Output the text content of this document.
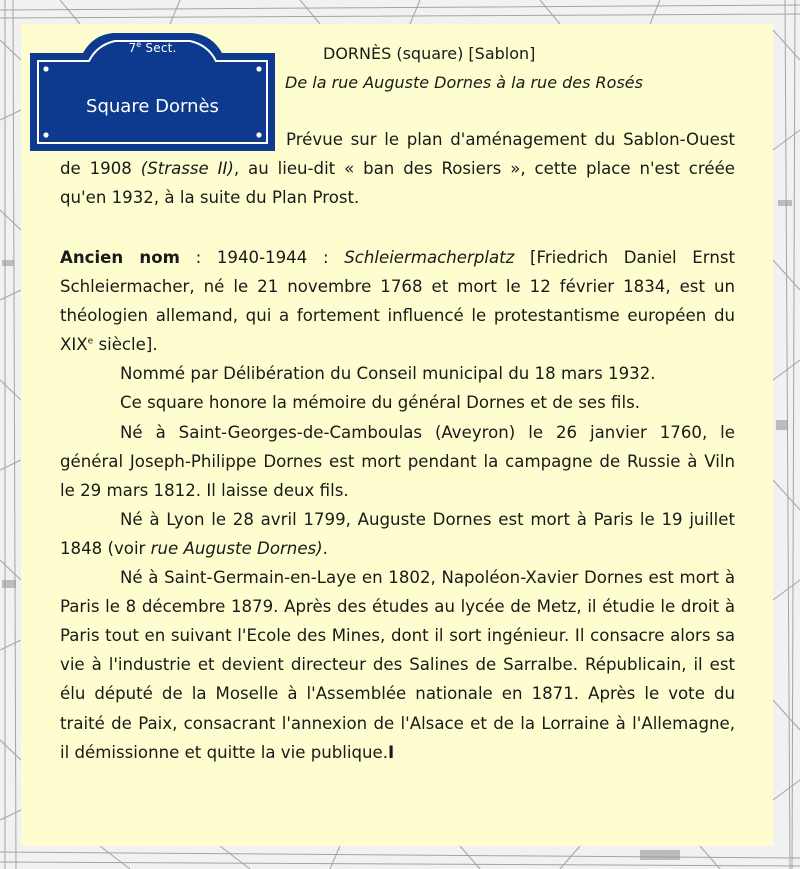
7e Sect.
Square Dornès
DORNÈS (square) [Sablon]
De la rue Auguste Dornes à la rue des Rosés

Prévue sur le plan d'aménagement du Sablon-Ouest de 1908 (Strasse II), au lieu-dit « ban des Rosiers », cette place n'est créée qu'en 1932, à la suite du Plan Prost.

Ancien nom : 1940-1944 : Schleiermacherplatz [Friedrich Daniel Ernst Schleiermacher, né le 21 novembre 1768 et mort le 12 février 1834, est un théologien allemand, qui a fortement influencé le protestantisme européen du XIXe siècle].

Nommé par Délibération du Conseil municipal du 18 mars 1932.

Ce square honore la mémoire du général Dornes et de ses fils.

Né à Saint-Georges-de-Camboulas (Aveyron) le 26 janvier 1760, le général Joseph-Philippe Dornes est mort pendant la campagne de Russie à Viln le 29 mars 1812. Il laisse deux fils.

Né à Lyon le 28 avril 1799, Auguste Dornes est mort à Paris le 19 juillet 1848 (voir rue Auguste Dornes).

Né à Saint-Germain-en-Laye en 1802, Napoléon-Xavier Dornes est mort à Paris le 8 décembre 1879. Après des études au lycée de Metz, il étudie le droit à Paris tout en suivant l'Ecole des Mines, dont il sort ingénieur. Il consacre alors sa vie à l'industrie et devient directeur des Salines de Sarralbe. Républicain, il est élu député de la Moselle à l'Assemblée nationale en 1871. Après le vote du traité de Paix, consacrant l'annexion de l'Alsace et de la Lorraine à l'Allemagne, il démissionne et quitte la vie publique.I
